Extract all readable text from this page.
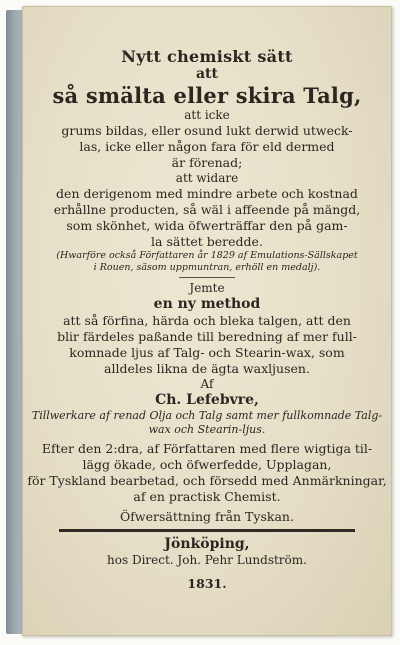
Nytt chemiskt sätt
att
så smälta eller skira Talg,
att icke
grums bildas, eller osund lukt derwid utweck-
las, icke eller någon fara för eld dermed
är förenad;
att widare
den derigenom med mindre arbete och kostnad
erhållne producten, så wäl i affeende på mängd,
som skönhet, wida öfwerträffar den på gam-
la sättet beredde.
(Hwarföre också Författaren år 1829 af Emulations-Sällskapet
i Rouen, säsom uppmuntran, erhöll en medalj).
Jemte
en ny method
att så förfina, härda och bleka talgen, att den
blir färdeles paßande till beredning af mer full-
komnade ljus af Talg- och Stearin-wax, som
alldeles likna de ägta waxljusen.
Af
Ch. Lefebvre,
Tillwerkare af renad Olja och Talg samt mer fullkomnade Talg-
wax och Stearin-ljus.
Efter den 2:dra, af Författaren med flere wigtiga til-
lägg ökade, och öfwerfedde, Upplagan,
för Tyskland bearbetad, och försedd med Anmärkningar,
af en practisk Chemist.
Öfwersättning från Tyskan.
Jönköping,
hos Direct. Joh. Pehr Lundström.
1831.
